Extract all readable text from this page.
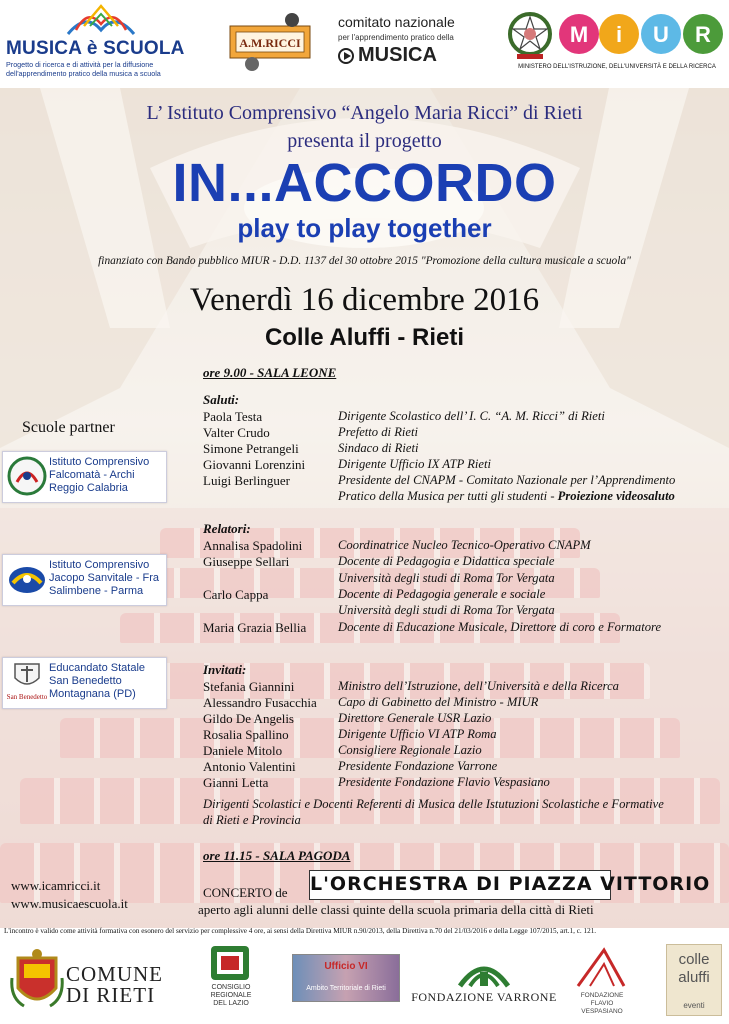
MUSICA è SCUOLA
Progetto di ricerca e di attività per la diffusione
dell'apprendimento pratico della musica a scuola
A.M.RICCI
comitato nazionale
per l'apprendimento pratico della
MUSICA
M i U R
MINISTERO DELL'ISTRUZIONE, DELL'UNIVERSITÀ E DELLA RICERCA
L’ Istituto Comprensivo “Angelo Maria Ricci” di Rieti
presenta il progetto
IN...ACCORDO
play to play together
finanziato con Bando pubblico MIUR - D.D. 1137 del 30 ottobre 2015 "Promozione della cultura musicale a scuola"
Venerdì 16 dicembre 2016
Colle Aluffi - Rieti
ore 9.00 - SALA LEONE
Saluti:
Paola Testa	Dirigente Scolastico dell’ I. C. “A. M. Ricci” di Rieti
Valter Crudo	Prefetto di Rieti
Simone Petrangeli	Sindaco di Rieti
Giovanni Lorenzini	Dirigente Ufficio IX ATP Rieti
Luigi Berlinguer	Presidente del CNAPM - Comitato Nazionale per l’Apprendimento
Pratico della Musica per tutti gli studenti - Proiezione videosaluto
Relatori:
Annalisa Spadolini	Coordinatrice Nucleo Tecnico-Operativo CNAPM
Giuseppe Sellari	Docente di Pedagogia e Didattica speciale
Università degli studi di Roma Tor Vergata
Carlo Cappa	Docente di Pedagogia generale e sociale
Università degli studi di Roma Tor Vergata
Maria Grazia Bellia	Docente di Educazione Musicale, Direttore di coro e Formatore
Invitati:
Stefania Giannini	Ministro dell’Istruzione, dell’Università e della Ricerca
Alessandro Fusacchia Capo di Gabinetto del Ministro - MIUR
Gildo De Angelis	Direttore Generale USR Lazio
Rosalia Spallino	Dirigente Ufficio VI ATP Roma
Daniele Mitolo	Consigliere Regionale Lazio
Antonio Valentini	Presidente Fondazione Varrone
Gianni Letta	Presidente Fondazione Flavio Vespasiano
Dirigenti Scolastici e Docenti Referenti di Musica delle Istutuzioni Scolastiche e Formative
di Rieti e Provincia
ore 11.15 - SALA PAGODA
CONCERTO de L'ORCHESTRA DI PIAZZA VITTORIO
aperto agli alunni delle classi quinte della scuola primaria della città di Rieti
Scuole partner
Istituto Comprensivo
Falcomatà - Archi
Reggio Calabria
Istituto Comprensivo
Jacopo Sanvitale - Fra
Salimbene - Parma
San Benedetto
Educandato Statale
San Benedetto
Montagnana (PD)
www.icamricci.it
www.musicaescuola.it
L'incontro è valido come attività formativa con esonero del servizio per complessive 4 ore, ai sensi della Direttiva MIUR n.90/2013, della Direttiva n.70 del 21/03/2016 e della Legge 107/2015, art.1, c. 121.
COMUNE
DI RIETI	CONSIGLIO
REGIONALE
DEL LAZIO
Ufficio VI
Ambito Territoriale di Rieti
FONDAZIONE VARRONE	FONDAZIONE
FLAVIO
VESPASIANO
colle
aluffi
eventi
